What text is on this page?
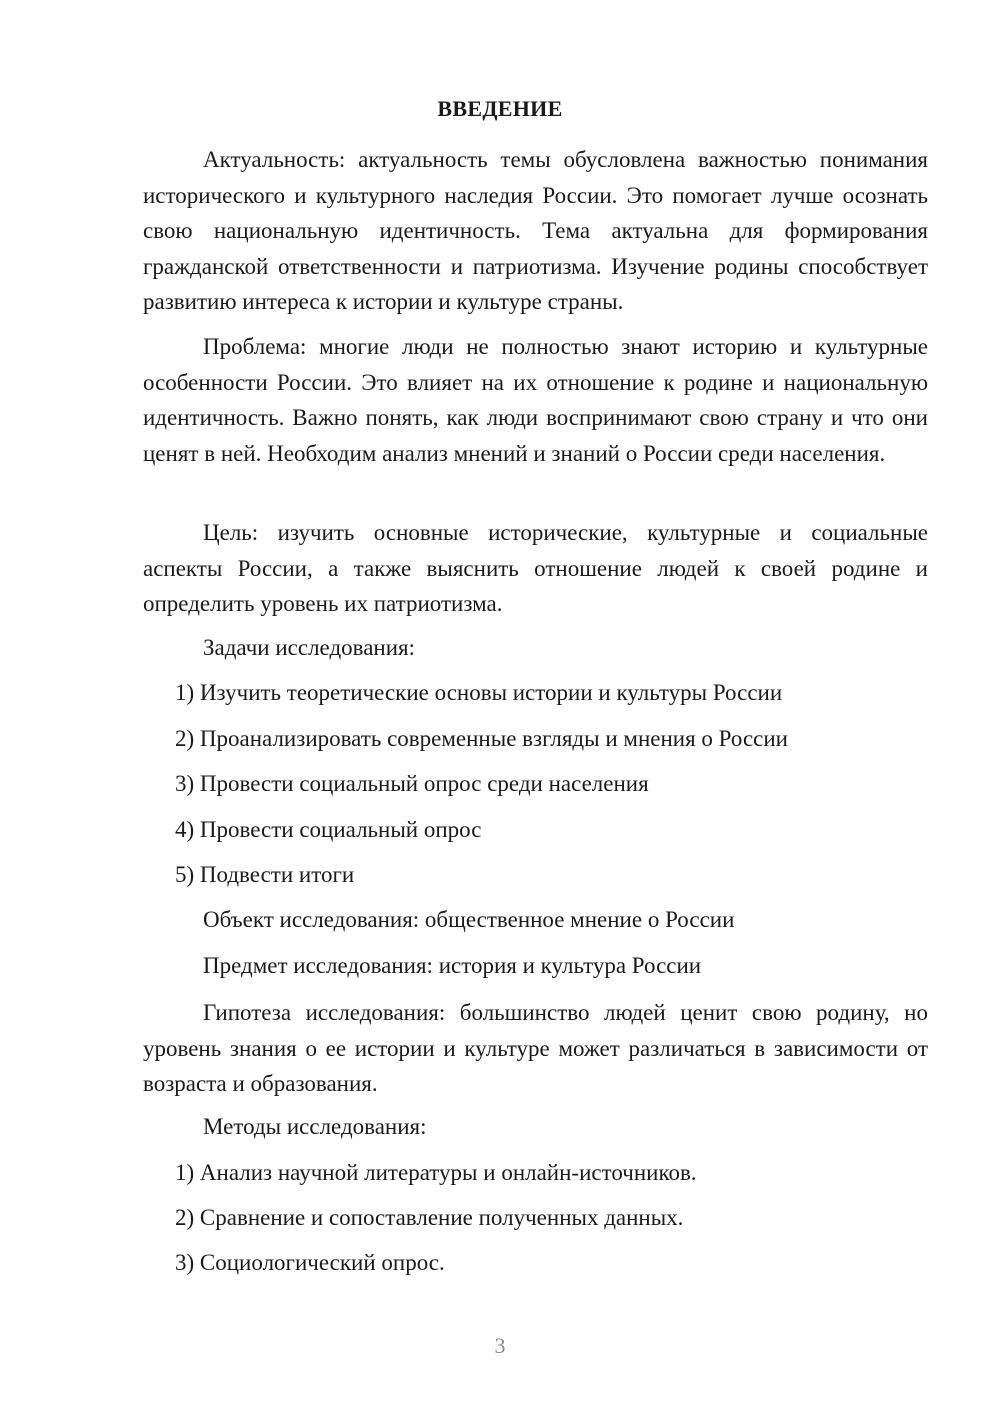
ВВЕДЕНИЕ

Актуальность: актуальность темы обусловлена важностью понимания исторического и культурного наследия России. Это помогает лучше осознать свою национальную идентичность. Тема актуальна для формирования гражданской ответственности и патриотизма. Изучение родины способствует развитию интереса к истории и культуре страны.

Проблема: многие люди не полностью знают историю и культурные особенности России. Это влияет на их отношение к родине и национальную идентичность. Важно понять, как люди воспринимают свою страну и что они ценят в ней. Необходим анализ мнений и знаний о России среди населения.

Цель: изучить основные исторические, культурные и социальные аспекты России, а также выяснить отношение людей к своей родине и определить уровень их патриотизма.

Задачи исследования:

1) Изучить теоретические основы истории и культуры России

2) Проанализировать современные взгляды и мнения о России

3) Провести социальный опрос среди населения

4) Провести социальный опрос

5) Подвести итоги

Объект исследования: общественное мнение о России

Предмет исследования: история и культура России

Гипотеза исследования: большинство людей ценит свою родину, но уровень знания о ее истории и культуре может различаться в зависимости от возраста и образования.

Методы исследования:

1) Анализ научной литературы и онлайн-источников.

2) Сравнение и сопоставление полученных данных.

3) Социологический опрос.

3
